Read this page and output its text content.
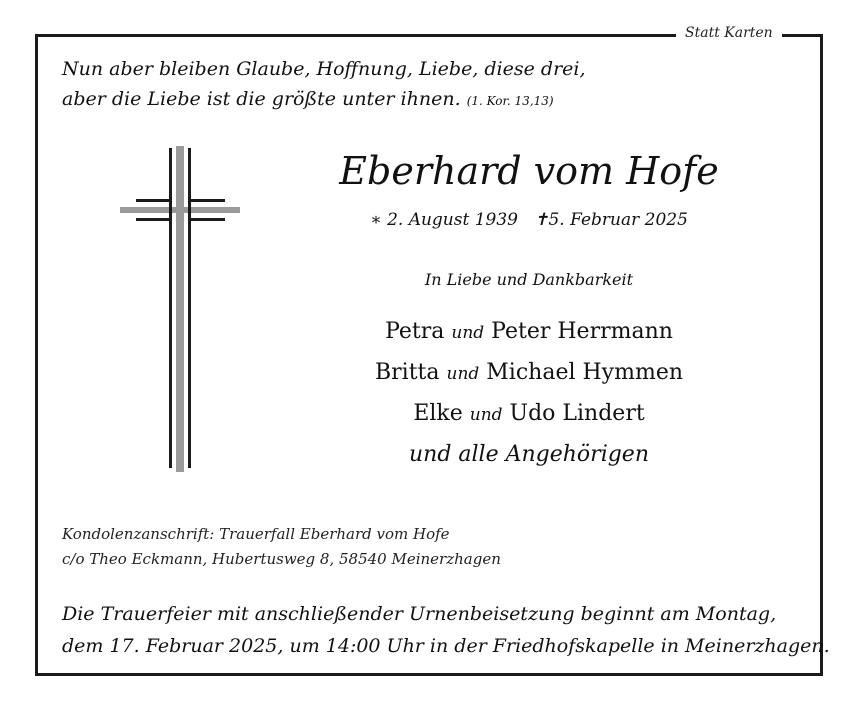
Statt Karten
Nun aber bleiben Glaube, Hoffnung, Liebe, diese drei,
aber die Liebe ist die größte unter ihnen. (1. Kor. 13,13)
Eberhard vom Hofe
∗ 2. August 1939 ✝5. Februar 2025
In Liebe und Dankbarkeit
Petra und Peter Herrmann
Britta und Michael Hymmen
Elke und Udo Lindert
und alle Angehörigen
Kondolenzanschrift: Trauerfall Eberhard vom Hofe
c/o Theo Eckmann, Hubertusweg 8, 58540 Meinerzhagen
Die Trauerfeier mit anschließender Urnenbeisetzung beginnt am Montag,
dem 17. Februar 2025, um 14:00 Uhr in der Friedhofskapelle in Meinerzhagen.
